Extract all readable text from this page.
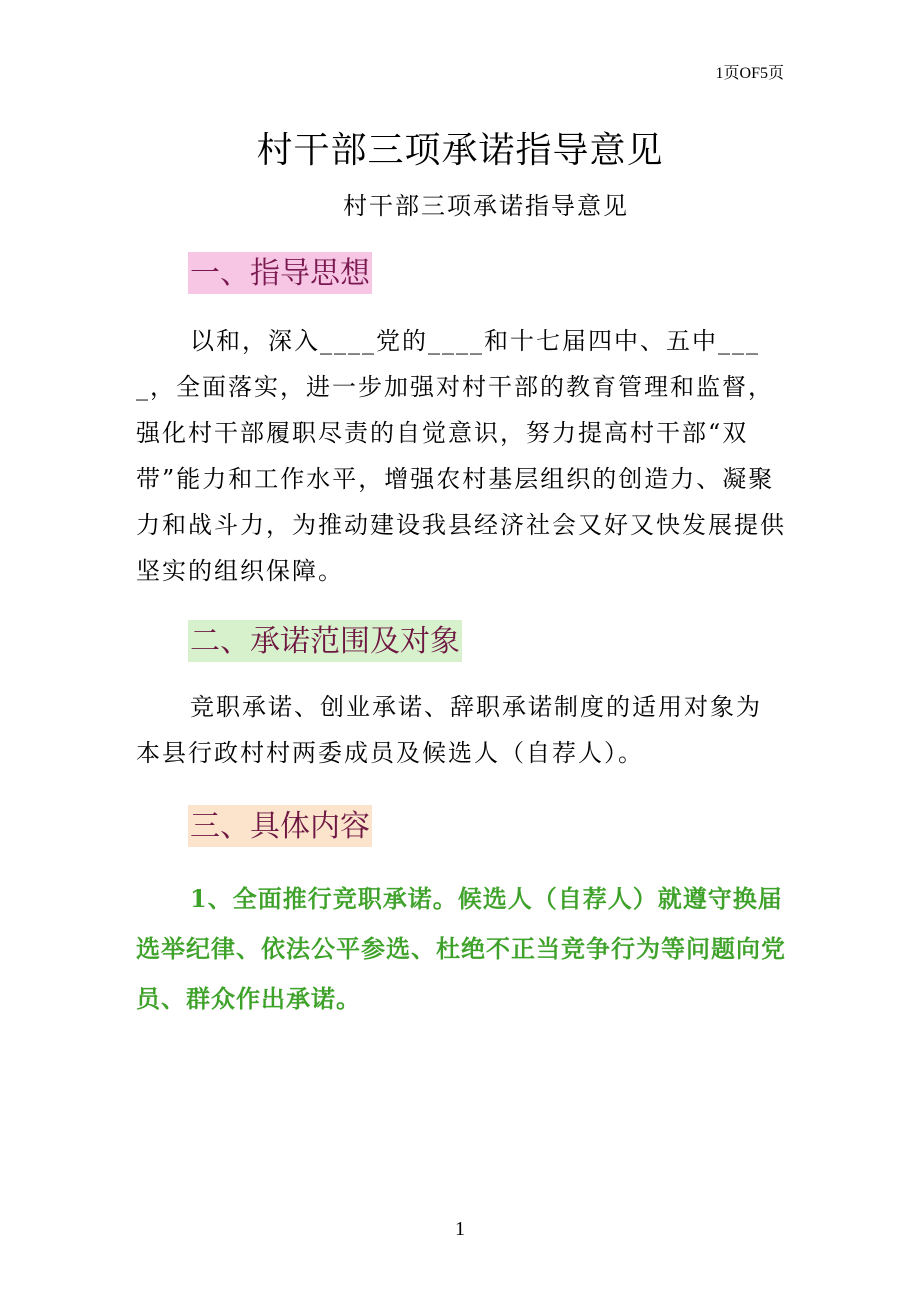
1页OF5页
村干部三项承诺指导意见
村干部三项承诺指导意见
一、指导思想

以和，深入____党的____和十七届四中、五中____，全面落实，进一步加强对村干部的教育管理和监督，强化村干部履职尽责的自觉意识，努力提高村干部“双带”能力和工作水平，增强农村基层组织的创造力、凝聚力和战斗力，为推动建设我县经济社会又好又快发展提供坚实的组织保障。

二、承诺范围及对象

竞职承诺、创业承诺、辞职承诺制度的适用对象为本县行政村村两委成员及候选人（自荐人）。

三、具体内容

1、全面推行竞职承诺。候选人（自荐人）就遵守换届选举纪律、依法公平参选、杜绝不正当竞争行为等问题向党员、群众作出承诺。

1
